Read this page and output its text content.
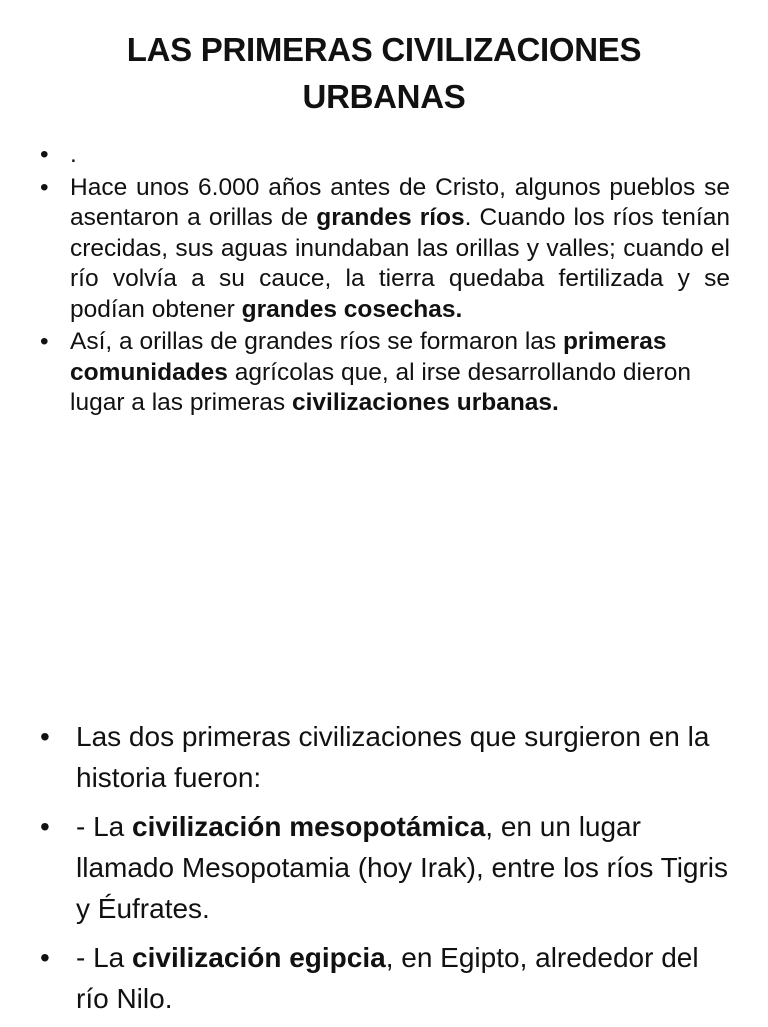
LAS PRIMERAS CIVILIZACIONES
URBANAS
• .
• Hace unos 6.000 años antes de Cristo, algunos pueblos se asentaron a orillas de grandes ríos. Cuando los ríos tenían crecidas, sus aguas inundaban las orillas y valles; cuando el río volvía a su cauce, la tierra quedaba fertilizada y se podían obtener grandes cosechas.
• Así, a orillas de grandes ríos se formaron las primeras comunidades agrícolas que, al irse desarrollando dieron lugar a las primeras civilizaciones urbanas.
• Las dos primeras civilizaciones que surgieron en la historia fueron:
• - La civilización mesopotámica, en un lugar llamado Mesopotamia (hoy Irak), entre los ríos Tigris y Éufrates.
• - La civilización egipcia, en Egipto, alrededor del río Nilo.
